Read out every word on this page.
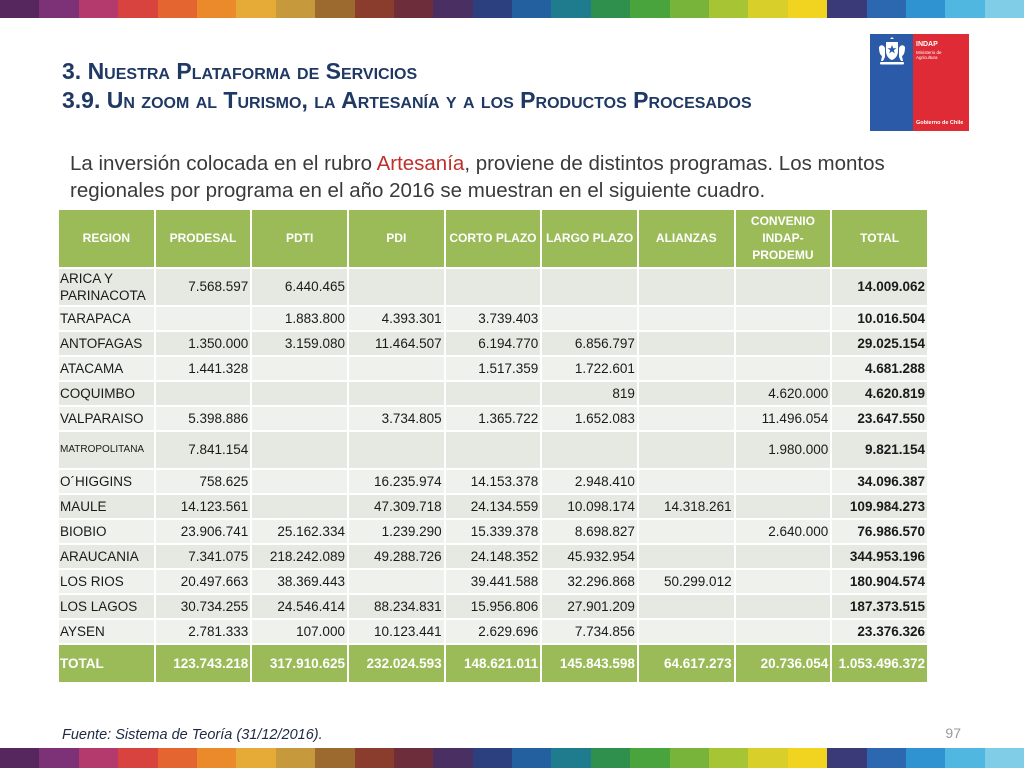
3. Nuestra Plataforma de Servicios
3.9. Un zoom al Turismo, la Artesanía y a los Productos Procesados
INDAP
Ministerio de Agricultura
Gobierno de Chile

La inversión colocada en el rubro Artesanía, proviene de distintos programas. Los montos regionales por programa en el año 2016 se muestran en el siguiente cuadro.

REGION	PRODESAL	PDTI	PDI	CORTO PLAZO	LARGO PLAZO	ALIANZAS	CONVENIO INDAP-PRODEMU	TOTAL
ARICA Y PARINACOTA	7.568.597	6.440.465						14.009.062
TARAPACA		1.883.800	4.393.301	3.739.403				10.016.504
ANTOFAGAS	1.350.000	3.159.080	11.464.507	6.194.770	6.856.797			29.025.154
ATACAMA	1.441.328			1.517.359	1.722.601			4.681.288
COQUIMBO					819		4.620.000	4.620.819
VALPARAISO	5.398.886		3.734.805	1.365.722	1.652.083		11.496.054	23.647.550
MATROPOLITANA	7.841.154						1.980.000	9.821.154
O´HIGGINS	758.625		16.235.974	14.153.378	2.948.410			34.096.387
MAULE	14.123.561		47.309.718	24.134.559	10.098.174	14.318.261		109.984.273
BIOBIO	23.906.741	25.162.334	1.239.290	15.339.378	8.698.827		2.640.000	76.986.570
ARAUCANIA	7.341.075	218.242.089	49.288.726	24.148.352	45.932.954			344.953.196
LOS RIOS	20.497.663	38.369.443		39.441.588	32.296.868	50.299.012		180.904.574
LOS LAGOS	30.734.255	24.546.414	88.234.831	15.956.806	27.901.209			187.373.515
AYSEN	2.781.333	107.000	10.123.441	2.629.696	7.734.856			23.376.326
TOTAL	123.743.218	317.910.625	232.024.593	148.621.011	145.843.598	64.617.273	20.736.054	1.053.496.372
Fuente: Sistema de Teoría (31/12/2016).	97
